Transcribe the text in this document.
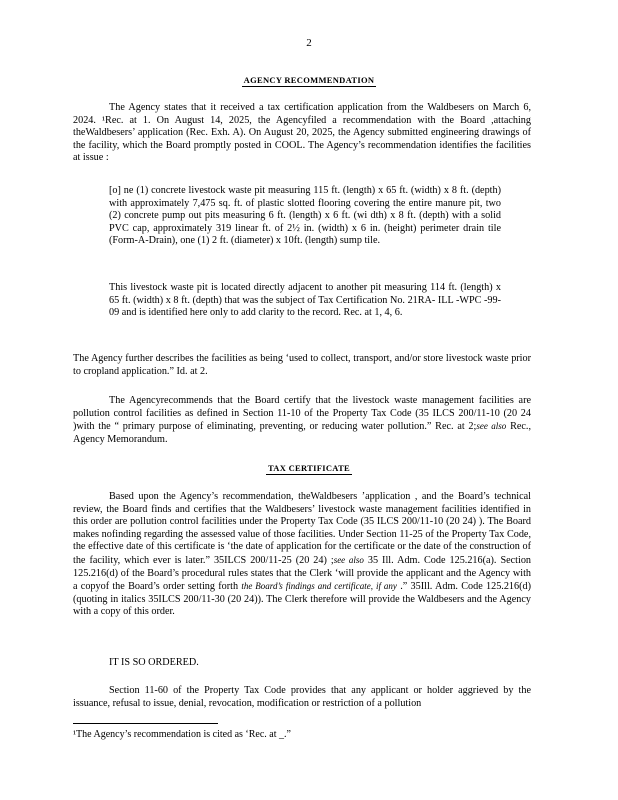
2
AGENCY RECOMMENDATION
The Agency states that it received a tax certification application from the Waldbesers on March 6, 2024. ¹Rec. at 1. On August 14, 2025, the Agencyfiled a recommendation with the Board ,attaching theWaldbesers’ application (Rec. Exh. A). On August 20, 2025, the Agency submitted engineering drawings of the facility, which the Board promptly posted in COOL. The Agency’s recommendation identifies the facilities at issue :
[o] ne (1) concrete livestock waste pit measuring 115 ft. (length) x 65 ft. (width) x 8 ft. (depth) with approximately 7,475 sq. ft. of plastic slotted flooring covering the entire manure pit, two (2) concrete pump out pits measuring 6 ft. (length) x 6 ft. (wi dth) x 8 ft. (depth) with a solid PVC cap, approximately 319 linear ft. of 2½ in. (width) x 6 in. (height) perimeter drain tile (Form-A-Drain), one (1) 2 ft. (diameter) x 10ft. (length) sump tile.
This livestock waste pit is located directly adjacent to another pit measuring 114 ft. (length) x 65 ft. (width) x 8 ft. (depth) that was the subject of Tax Certification No. 21RA- ILL -WPC -99-09 and is identified here only to add clarity to the record. Rec. at 1, 4, 6.
The Agency further describes the facilities as being ‘used to collect, transport, and/or store livestock waste prior to cropland application.” Id. at 2.
The Agencyrecommends that the Board certify that the livestock waste management facilities are pollution control facilities as defined in Section 11-10 of the Property Tax Code (35 ILCS 200/11-10 (20 24 )with the “ primary purpose of eliminating, preventing, or reducing water pollution.” Rec. at 2;see also Rec., Agency Memorandum.
TAX CERTIFICATE
Based upon the Agency’s recommendation, theWaldbesers ’application , and the Board’s technical review, the Board finds and certifies that the Waldbesers’ livestock waste management facilities identified in this order are pollution control facilities under the Property Tax Code (35 ILCS 200/11-10 (20 24) ). The Board makes nofinding regarding the assessed value of those facilities. Under Section 11-25 of the Property Tax Code, the effective date of this certificate is ‘the date of application for the certificate or the date of the construction of the facility, which ever is later.” 35ILCS 200/11-25 (20 24) ;see also 35 Ill. Adm. Code 125.216(a). Section 125.216(d) of the Board’s procedural rules states that the Clerk ‘will provide the applicant and the Agency with a copyof the Board’s order setting forth the Board’s findings and certificate, if any .” 35Ill. Adm. Code 125.216(d) (quoting in italics 35ILCS 200/11-30 (20 24)). The Clerk therefore will provide the Waldbesers and the Agency with a copy of this order.
IT IS SO ORDERED.
Section 11-60 of the Property Tax Code provides that any applicant or holder aggrieved by the issuance, refusal to issue, denial, revocation, modification or restriction of a pollution
¹The Agency’s recommendation is cited as ‘Rec. at _.”
